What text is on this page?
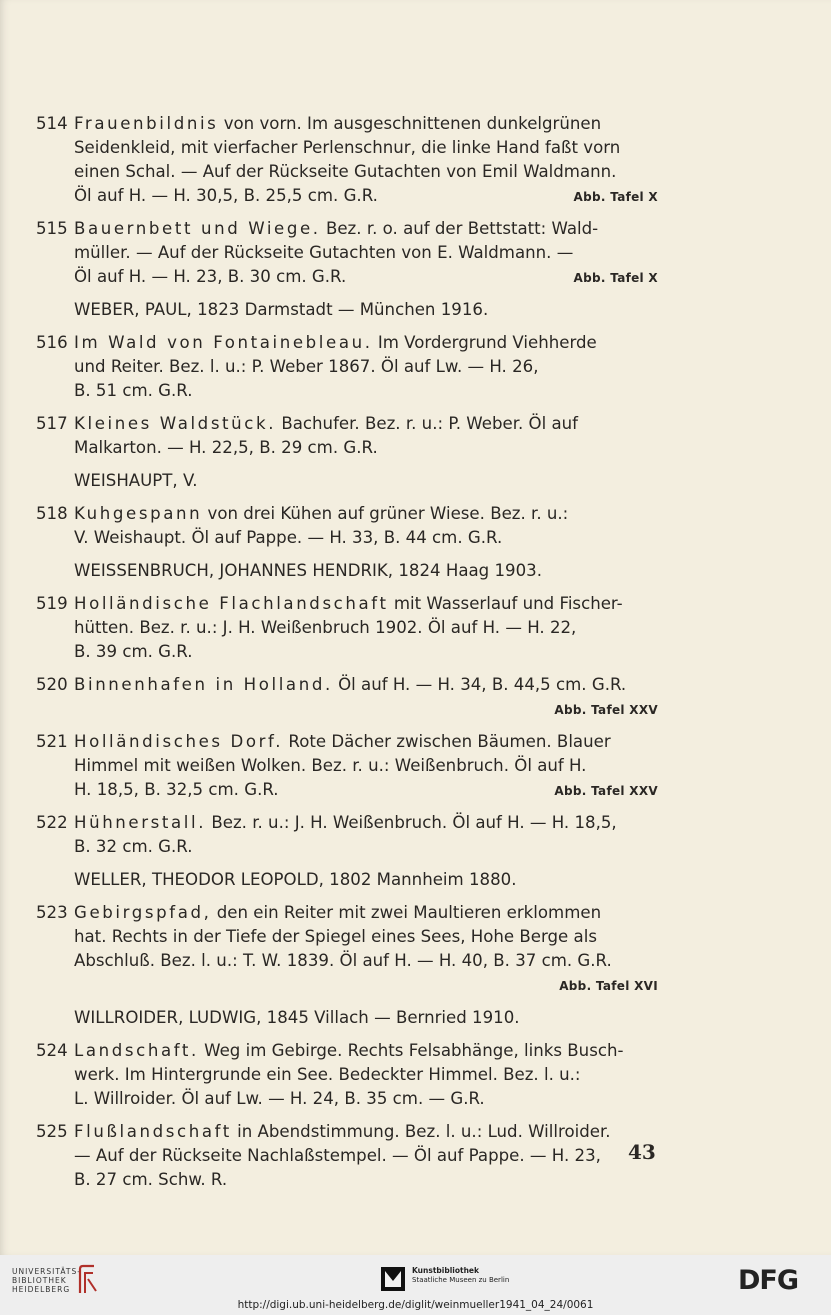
514 Frauenbildnis von vorn. Im ausgeschnittenen dunkelgrünen
Seidenkleid, mit vierfacher Perlenschnur, die linke Hand faßt vorn
einen Schal. — Auf der Rückseite Gutachten von Emil Waldmann.
Abb. Tafel X
Öl auf H. — H. 30,5, B. 25,5 cm. G.R.
515 Bauernbett und Wiege. Bez. r. o. auf der Bettstatt: Wald-
müller. — Auf der Rückseite Gutachten von E. Waldmann. —
Abb. Tafel X
Öl auf H. — H. 23, B. 30 cm. G.R.
WEBER, PAUL, 1823 Darmstadt — München 1916.
516 Im Wald von Fontainebleau. Im Vordergrund Viehherde
und Reiter. Bez. l. u.: P. Weber 1867. Öl auf Lw. — H. 26,
B. 51 cm. G.R.
517 Kleines Waldstück. Bachufer. Bez. r. u.: P. Weber. Öl auf
Malkarton. — H. 22,5, B. 29 cm. G.R.
WEISHAUPT, V.
518 Kuhgespann von drei Kühen auf grüner Wiese. Bez. r. u.:
V. Weishaupt. Öl auf Pappe. — H. 33, B. 44 cm. G.R.
WEISSENBRUCH, JOHANNES HENDRIK, 1824 Haag 1903.
519 Holländische Flachlandschaft mit Wasserlauf und Fischer-
hütten. Bez. r. u.: J. H. Weißenbruch 1902. Öl auf H. — H. 22,
B. 39 cm. G.R.
520 Binnenhafen in Holland. Öl auf H. — H. 34, B. 44,5 cm. G.R.
Abb. Tafel XXV
521 Holländisches Dorf. Rote Dächer zwischen Bäumen. Blauer
Himmel mit weißen Wolken. Bez. r. u.: Weißenbruch. Öl auf H.
Abb. Tafel XXV
H. 18,5, B. 32,5 cm. G.R.
522 Hühnerstall. Bez. r. u.: J. H. Weißenbruch. Öl auf H. — H. 18,5,
B. 32 cm. G.R.
WELLER, THEODOR LEOPOLD, 1802 Mannheim 1880.
523 Gebirgspfad, den ein Reiter mit zwei Maultieren erklommen
hat. Rechts in der Tiefe der Spiegel eines Sees, Hohe Berge als
Abschluß. Bez. l. u.: T. W. 1839. Öl auf H. — H. 40, B. 37 cm. G.R.
Abb. Tafel XVI
WILLROIDER, LUDWIG, 1845 Villach — Bernried 1910.
524 Landschaft. Weg im Gebirge. Rechts Felsabhänge, links Busch-
werk. Im Hintergrunde ein See. Bedeckter Himmel. Bez. l. u.:
L. Willroider. Öl auf Lw. — H. 24, B. 35 cm. — G.R.
525 Flußlandschaft in Abendstimmung. Bez. l. u.: Lud. Willroider.
— Auf der Rückseite Nachlaßstempel. — Öl auf Pappe. — H. 23,
B. 27 cm. Schw. R.
43
UNIVERSITÄTS-
BIBLIOTHEK
HEIDELBERG
Kunstbibliothek
Staatliche Museen zu Berlin	DFG
http://digi.ub.uni-heidelberg.de/diglit/weinmueller1941_04_24/0061
